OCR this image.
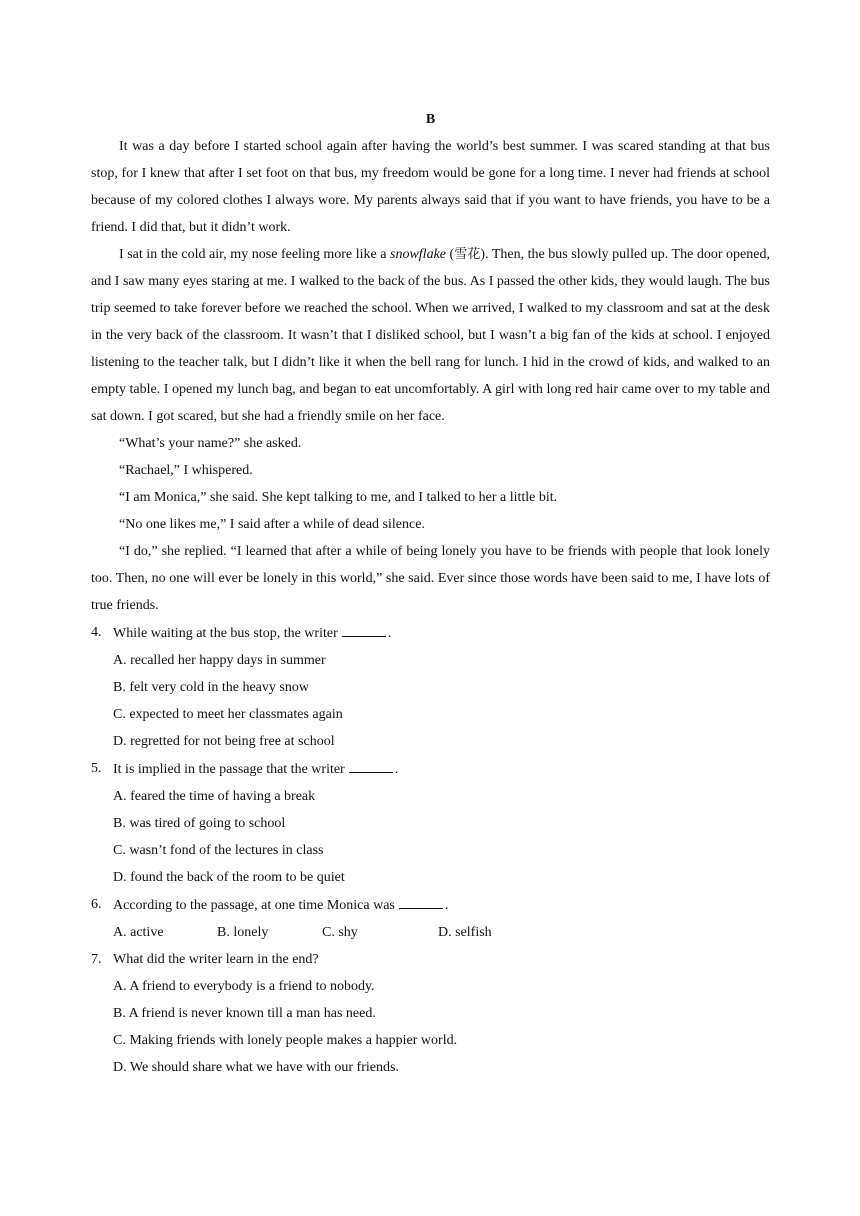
B

It was a day before I started school again after having the world’s best summer. I was scared standing at that bus stop, for I knew that after I set foot on that bus, my freedom would be gone for a long time. I never had friends at school because of my colored clothes I always wore. My parents always said that if you want to have friends, you have to be a friend. I did that, but it didn’t work.

I sat in the cold air, my nose feeling more like a snowflake (雪花). Then, the bus slowly pulled up. The door opened, and I saw many eyes staring at me. I walked to the back of the bus. As I passed the other kids, they would laugh. The bus trip seemed to take forever before we reached the school. When we arrived, I walked to my classroom and sat at the desk in the very back of the classroom. It wasn’t that I disliked school, but I wasn’t a big fan of the kids at school. I enjoyed listening to the teacher talk, but I didn’t like it when the bell rang for lunch. I hid in the crowd of kids, and walked to an empty table. I opened my lunch bag, and began to eat uncomfortably. A girl with long red hair came over to my table and sat down. I got scared, but she had a friendly smile on her face.

“What’s your name?” she asked.

“Rachael,” I whispered.

“I am Monica,” she said. She kept talking to me, and I talked to her a little bit.

“No one likes me,” I said after a while of dead silence.

“I do,” she replied. “I learned that after a while of being lonely you have to be friends with people that look lonely too. Then, no one will ever be lonely in this world,” she said. Ever since those words have been said to me, I have lots of true friends.

4. While waiting at the bus stop, the writer	.

A. recalled her happy days in summer

B. felt very cold in the heavy snow

C. expected to meet her classmates again

D. regretted for not being free at school

5. It is implied in the passage that the writer	.

A. feared the time of having a break

B. was tired of going to school

C. wasn’t fond of the lectures in class

D. found the back of the room to be quiet

6. According to the passage, at one time Monica was	.

A. active	B. lonely	C. shy	D. selfish

7. What did the writer learn in the end?

A. A friend to everybody is a friend to nobody.

B. A friend is never known till a man has need.

C. Making friends with lonely people makes a happier world.

D. We should share what we have with our friends.
